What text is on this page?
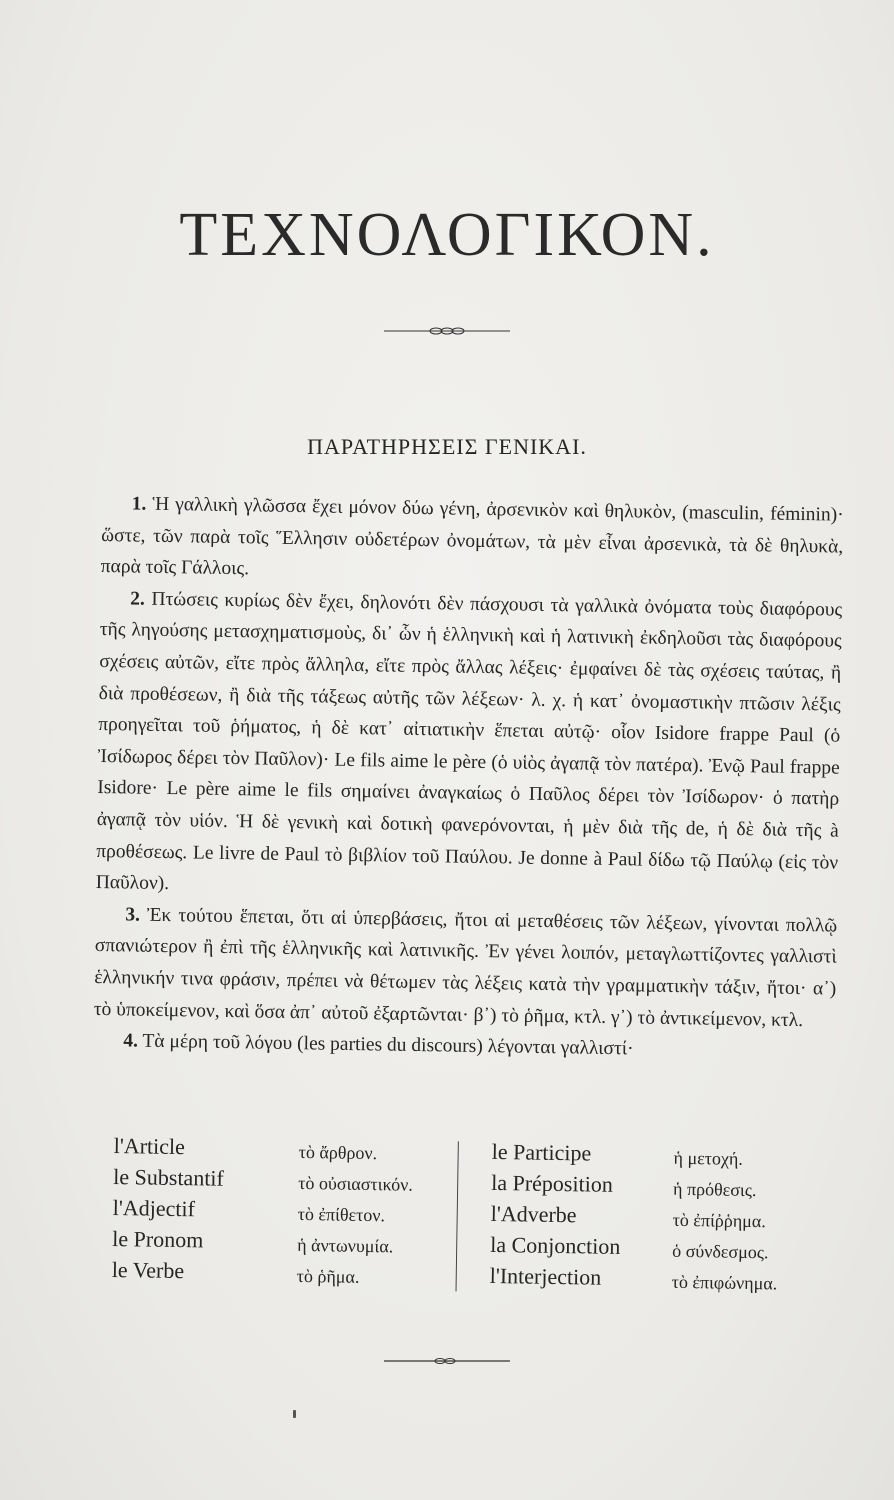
ΤΕΧΝΟΛΟΓΙΚΟΝ.
ΠΑΡΑΤΗΡΗΣΕΙΣ ΓΕΝΙΚΑΙ.

1. Ἡ γαλλικὴ γλῶσσα ἔχει μόνον δύω γένη, ἀρσενικὸν καὶ θηλυκὸν, (masculin, féminin)· ὥστε, τῶν παρὰ τοῖς Ἕλλησιν οὐδετέρων ὀνομάτων, τὰ μὲν εἶναι ἀρσενικὰ, τὰ δὲ θηλυκὰ, παρὰ τοῖς Γάλλοις.

2. Πτώσεις κυρίως δὲν ἔχει, δηλονότι δὲν πάσχουσι τὰ γαλλικὰ ὀνόματα τοὺς διαφόρους τῆς ληγούσης μετασχηματισμοὺς, δι᾽ ὧν ἡ ἑλληνικὴ καὶ ἡ λατινικὴ ἐκδηλοῦσι τὰς διαφόρους σχέσεις αὐτῶν, εἴτε πρὸς ἄλληλα, εἴτε πρὸς ἄλλας λέξεις· ἐμφαίνει δὲ τὰς σχέσεις ταύτας, ἢ διὰ προθέσεων, ἢ διὰ τῆς τάξεως αὐτῆς τῶν λέξεων· λ. χ. ἡ κατ᾽ ὀνομαστικὴν πτῶσιν λέξις προηγεῖται τοῦ ῥήματος, ἡ δὲ κατ᾽ αἰτιατικὴν ἕπεται αὐτῷ· οἷον Isidore frappe Paul (ὁ Ἰσίδωρος δέρει τὸν Παῦλον)· Le fils aime le père (ὁ υἱὸς ἀγαπᾷ τὸν πατέρα). Ἐνῷ Paul frappe Isidore· Le père aime le fils σημαίνει ἀναγκαίως ὁ Παῦλος δέρει τὸν Ἰσίδωρον· ὁ πατὴρ ἀγαπᾷ τὸν υἱόν. Ἡ δὲ γενικὴ καὶ δοτικὴ φανερόνονται, ἡ μὲν διὰ τῆς de, ἡ δὲ διὰ τῆς à προθέσεως. Le livre de Paul τὸ βιβλίον τοῦ Παύλου. Je donne à Paul δίδω τῷ Παύλῳ (εἰς τὸν Παῦλον).

3. Ἐκ τούτου ἕπεται, ὅτι αἱ ὑπερβάσεις, ἤτοι αἱ μεταθέσεις τῶν λέξεων, γίνονται πολλῷ σπανιώτερον ἢ ἐπὶ τῆς ἑλληνικῆς καὶ λατινικῆς. Ἐν γένει λοιπόν, μεταγλωττίζοντες γαλλιστὶ ἑλληνικήν τινα φράσιν, πρέπει νὰ θέτωμεν τὰς λέξεις κατὰ τὴν γραμματικὴν τάξιν, ἤτοι· α᾽) τὸ ὑποκείμενον, καὶ ὅσα ἀπ᾽ αὐτοῦ ἐξαρτῶνται· β᾽) τὸ ῥῆμα, κτλ. γ᾽) τὸ ἀντικείμενον, κτλ.

4. Τὰ μέρη τοῦ λόγου (les parties du discours) λέγονται γαλλιστί·

l'Article
le Substantif
l'Adjectif
le Pronom
le Verbe
τὸ ἄρθρον.
τὸ οὐσιαστικόν.
τὸ ἐπίθετον.
ἡ ἀντωνυμία.
τὸ ῥῆμα.
le Participe
la Préposition
l'Adverbe
la Conjonction
l'Interjection
ἡ μετοχή.
ἡ πρόθεσις.
τὸ ἐπίῤῥημα.
ὁ σύνδεσμος.
τὸ ἐπιφώνημα.
